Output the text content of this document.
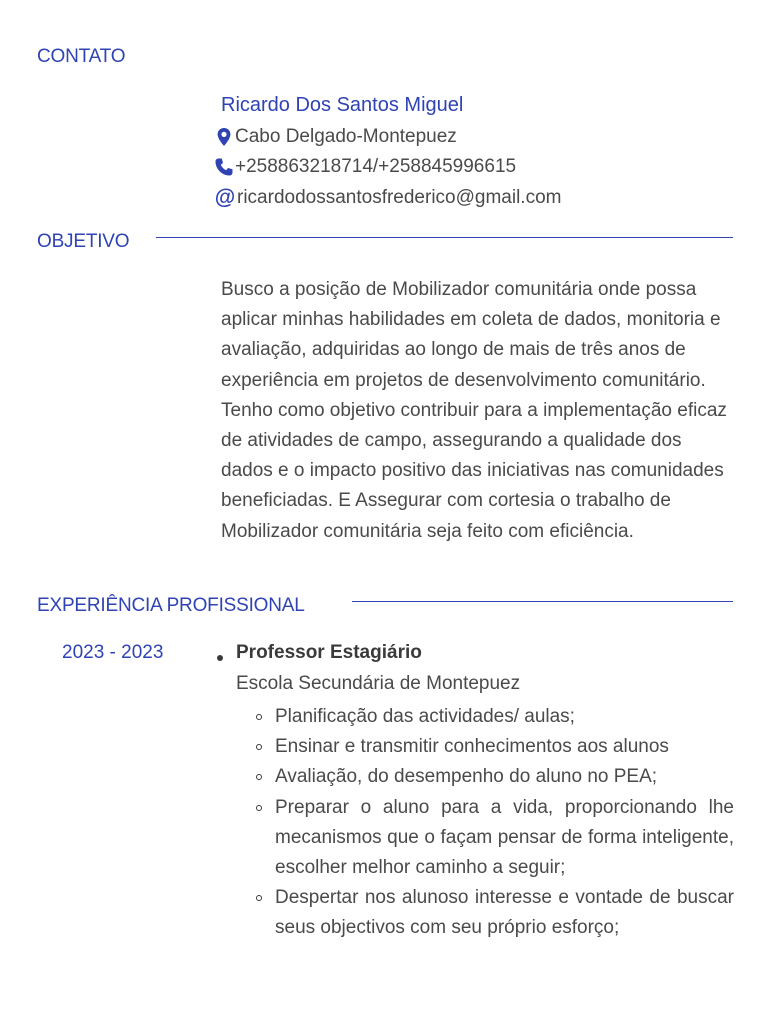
CONTATO
Ricardo Dos Santos Miguel
Cabo Delgado-Montepuez
+258863218714/+258845996615
@ ricardodossantosfrederico@gmail.com
OBJETIVO
Busco a posição de Mobilizador comunitária onde possa aplicar minhas habilidades em coleta de dados, monitoria e avaliação, adquiridas ao longo de mais de três anos de experiência em projetos de desenvolvimento comunitário. Tenho como objetivo contribuir para a implementação eficaz de atividades de campo, assegurando a qualidade dos dados e o impacto positivo das iniciativas nas comunidades beneficiadas. E Assegurar com cortesia o trabalho de Mobilizador comunitária seja feito com eficiência.
EXPERIÊNCIA PROFISSIONAL
2023 - 2023	Professor Estagiário
Escola Secundária de Montepuez
Planificação das actividades/ aulas;
Ensinar e transmitir conhecimentos aos alunos
Avaliação, do desempenho do aluno no PEA;
Preparar o aluno para a vida, proporcionando lhe mecanismos que o façam pensar de forma inteligente, escolher melhor caminho a seguir;
Despertar nos alunoso interesse e vontade de buscar seus objectivos com seu próprio esforço;
